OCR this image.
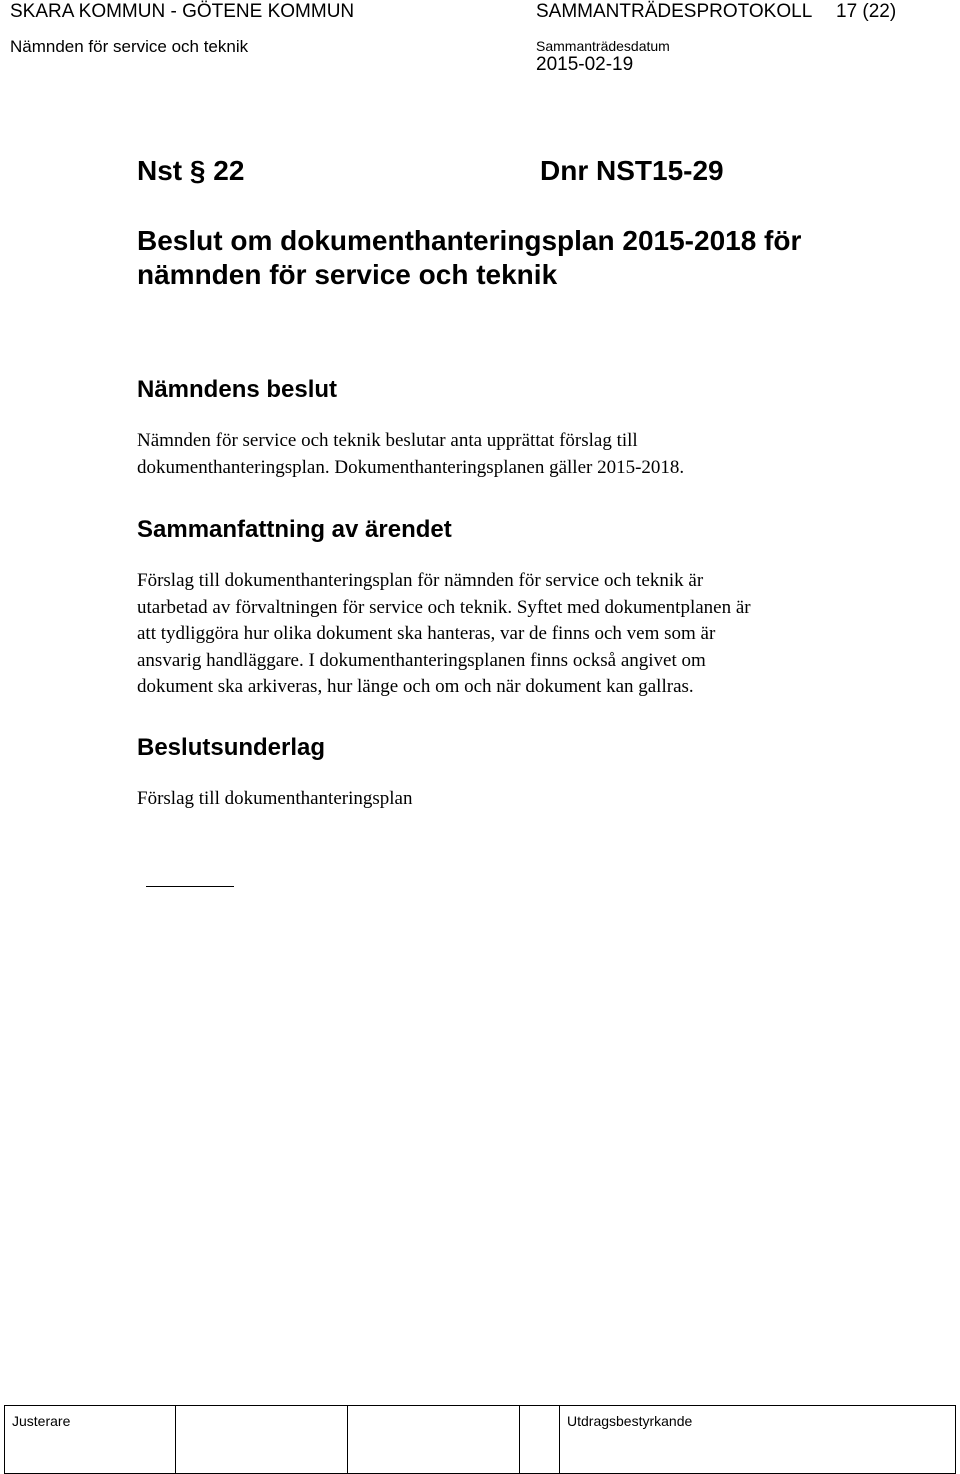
SKARA KOMMUN - GÖTENE KOMMUN	SAMMANTRÄDESPROTOKOLL 17 (22)
Nämnden för service och teknik	Sammanträdesdatum
2015-02-19
Nst § 22	Dnr NST15-29
Beslut om dokumenthanteringsplan 2015-2018 för
nämnden för service och teknik
Nämndens beslut
Nämnden för service och teknik beslutar anta upprättat förslag till
dokumenthanteringsplan. Dokumenthanteringsplanen gäller 2015-2018.
Sammanfattning av ärendet
Förslag till dokumenthanteringsplan för nämnden för service och teknik är
utarbetad av förvaltningen för service och teknik. Syftet med dokumentplanen är
att tydliggöra hur olika dokument ska hanteras, var de finns och vem som är
ansvarig handläggare. I dokumenthanteringsplanen finns också angivet om
dokument ska arkiveras, hur länge och om och när dokument kan gallras.
Beslutsunderlag
Förslag till dokumenthanteringsplan
Justerare				Utdragsbestyrkande
